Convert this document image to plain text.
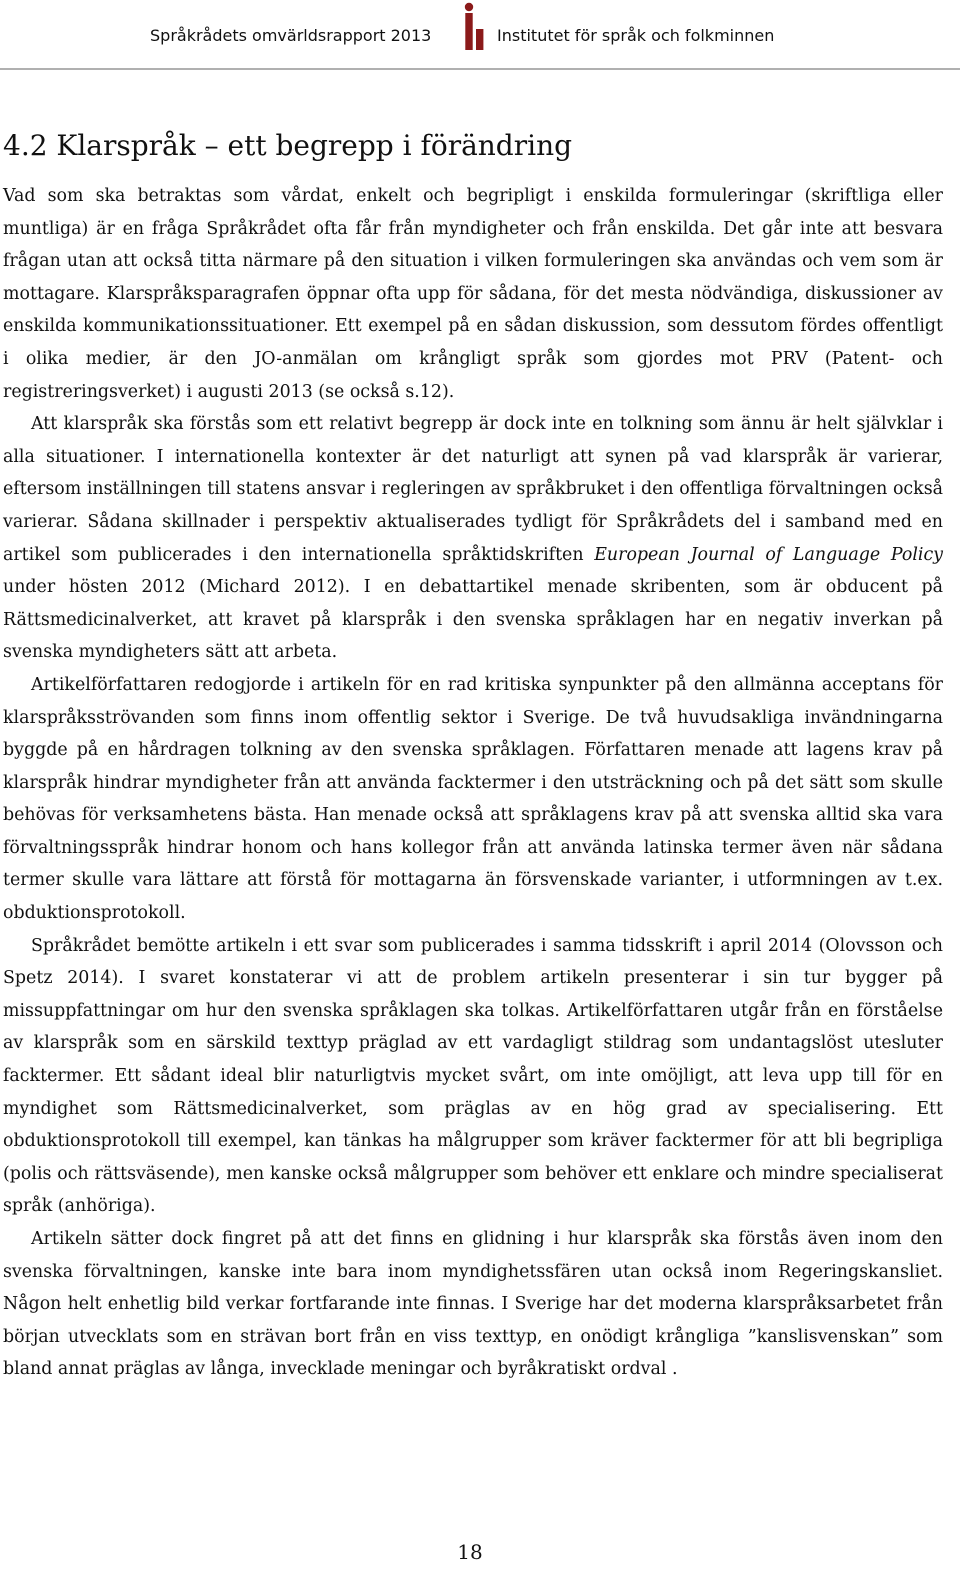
Språkrådets omvärldsrapport 2013	Institutet för språk och folkminnen
4.2 Klarspråk – ett begrepp i förändring

Vad som ska betraktas som vårdat, enkelt och begripligt i enskilda formuleringar (skriftliga eller muntliga) är en fråga Språkrådet ofta får från myndigheter och från enskilda. Det går inte att besvara frågan utan att också titta närmare på den situation i vilken formuleringen ska användas och vem som är mottagare. Klarspråksparagrafen öppnar ofta upp för sådana, för det mesta nödvändiga, diskussioner av enskilda kommunikationssituationer. Ett exempel på en sådan diskussion, som dessutom fördes offentligt i olika medier, är den JO-anmälan om krångligt språk som gjordes mot PRV (Patent- och registreringsverket) i augusti 2013 (se också s.12).

Att klarspråk ska förstås som ett relativt begrepp är dock inte en tolkning som ännu är helt självklar i alla situationer. I internationella kontexter är det naturligt att synen på vad klarspråk är varierar, eftersom inställningen till statens ansvar i regleringen av språkbruket i den offentliga förvaltningen också varierar. Sådana skillnader i perspektiv aktualiserades tydligt för Språkrådets del i samband med en artikel som publicerades i den internationella språktidskriften European Journal of Language Policy under hösten 2012 (Michard 2012). I en debattartikel menade skribenten, som är obducent på Rättsmedicinalverket, att kravet på klarspråk i den svenska språklagen har en negativ inverkan på svenska myndigheters sätt att arbeta.

Artikelförfattaren redogjorde i artikeln för en rad kritiska synpunkter på den allmänna acceptans för klarspråksströvanden som finns inom offentlig sektor i Sverige. De två huvudsakliga invändningarna byggde på en hårdragen tolkning av den svenska språklagen. Författaren menade att lagens krav på klarspråk hindrar myndigheter från att använda facktermer i den utsträckning och på det sätt som skulle behövas för verksamhetens bästa. Han menade också att språklagens krav på att svenska alltid ska vara förvaltningsspråk hindrar honom och hans kollegor från att använda latinska termer även när sådana termer skulle vara lättare att förstå för mottagarna än försvenskade varianter, i utformningen av t.ex. obduktionsprotokoll.

Språkrådet bemötte artikeln i ett svar som publicerades i samma tidsskrift i april 2014 (Olovsson och Spetz 2014). I svaret konstaterar vi att de problem artikeln presenterar i sin tur bygger på missuppfattningar om hur den svenska språklagen ska tolkas. Artikelförfattaren utgår från en förståelse av klarspråk som en särskild texttyp präglad av ett vardagligt stildrag som undantagslöst utesluter facktermer. Ett sådant ideal blir naturligtvis mycket svårt, om inte omöjligt, att leva upp till för en myndighet som Rättsmedicinalverket, som präglas av en hög grad av specialisering. Ett obduktionsprotokoll till exempel, kan tänkas ha målgrupper som kräver facktermer för att bli begripliga (polis och rättsväsende), men kanske också målgrupper som behöver ett enklare och mindre specialiserat språk (anhöriga).

Artikeln sätter dock fingret på att det finns en glidning i hur klarspråk ska förstås även inom den svenska förvaltningen, kanske inte bara inom myndighetssfären utan också inom Regeringskansliet. Någon helt enhetlig bild verkar fortfarande inte finnas. I Sverige har det moderna klarspråksarbetet från början utvecklats som en strävan bort från en viss texttyp, en onödigt krångliga ”kanslisvenskan” som bland annat präglas av långa, invecklade meningar och byråkratiskt ordval .

18
